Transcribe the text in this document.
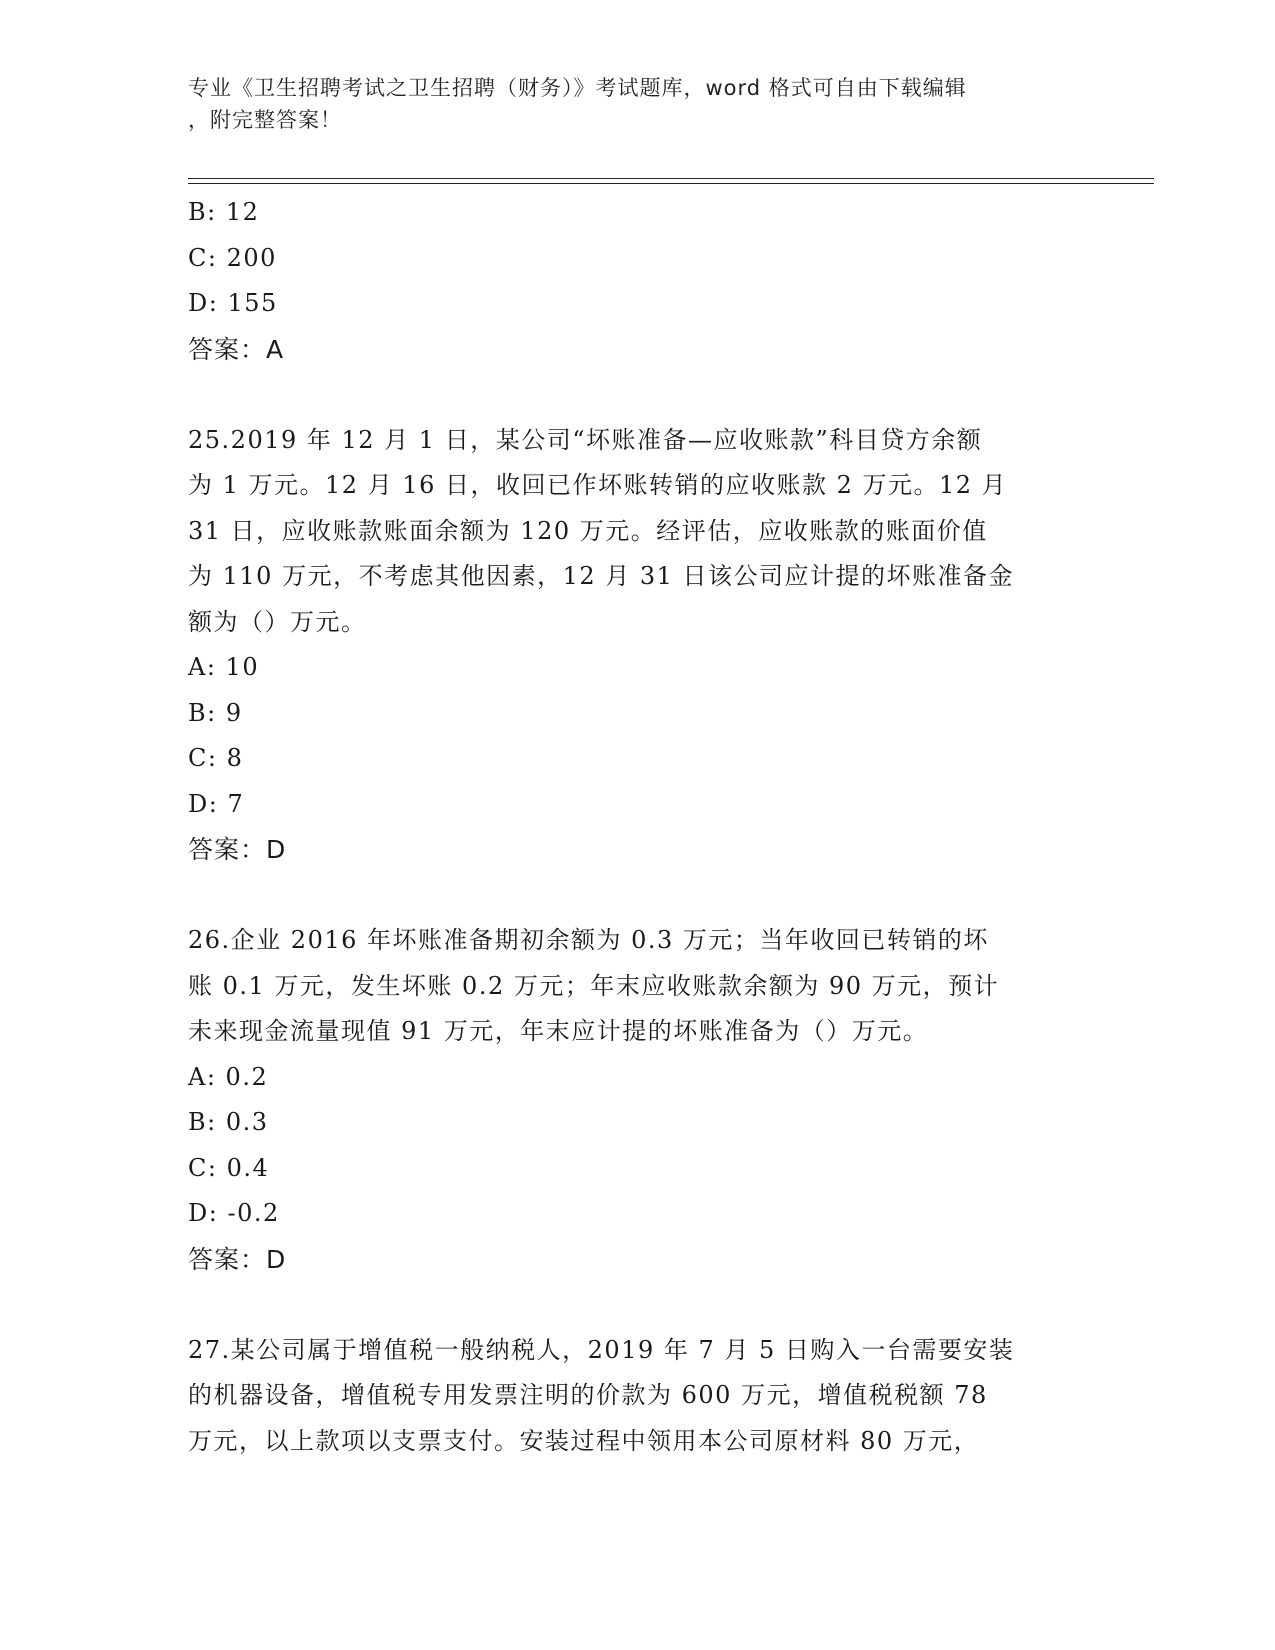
专业《卫生招聘考试之卫生招聘（财务）》考试题库，word 格式可自由下载编辑

，附完整答案！

B: 12
C: 200
D: 155
答案：A
25.2019 年 12 月 1 日，某公司“坏账准备—应收账款”科目贷方余额
为 1 万元。12 月 16 日，收回已作坏账转销的应收账款 2 万元。12 月
31 日，应收账款账面余额为 120 万元。经评估，应收账款的账面价值
为 110 万元，不考虑其他因素，12 月 31 日该公司应计提的坏账准备金
额为（）万元。
A: 10
B: 9
C: 8
D: 7
答案：D
26.企业 2016 年坏账准备期初余额为 0.3 万元；当年收回已转销的坏
账 0.1 万元，发生坏账 0.2 万元；年末应收账款余额为 90 万元，预计
未来现金流量现值 91 万元，年末应计提的坏账准备为（）万元。
A: 0.2
B: 0.3
C: 0.4
D: -0.2
答案：D
27.某公司属于增值税一般纳税人，2019 年 7 月 5 日购入一台需要安装
的机器设备，增值税专用发票注明的价款为 600 万元，增值税税额 78
万元，以上款项以支票支付。安装过程中领用本公司原材料 80 万元，
